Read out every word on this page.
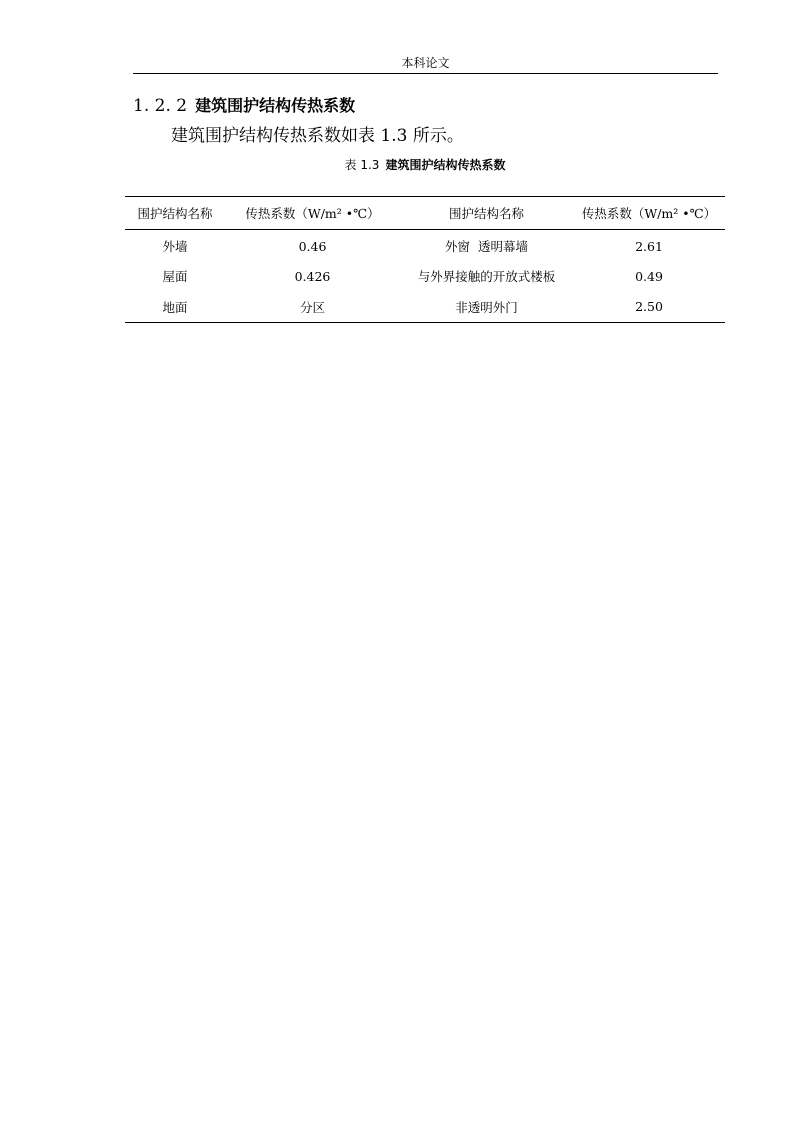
本科论文
1. 2. 2 建筑围护结构传热系数
建筑围护结构传热系数如表 1.3 所示。
表 1.3 建筑围护结构传热系数
围护结构名称	传热系数（W/m² •℃）	围护结构名称	传热系数（W/m² •℃）
外墙	0.46	外窗  透明幕墙	2.61
屋面	0.426	与外界接触的开放式楼板	0.49
地面	分区	非透明外门	2.50
